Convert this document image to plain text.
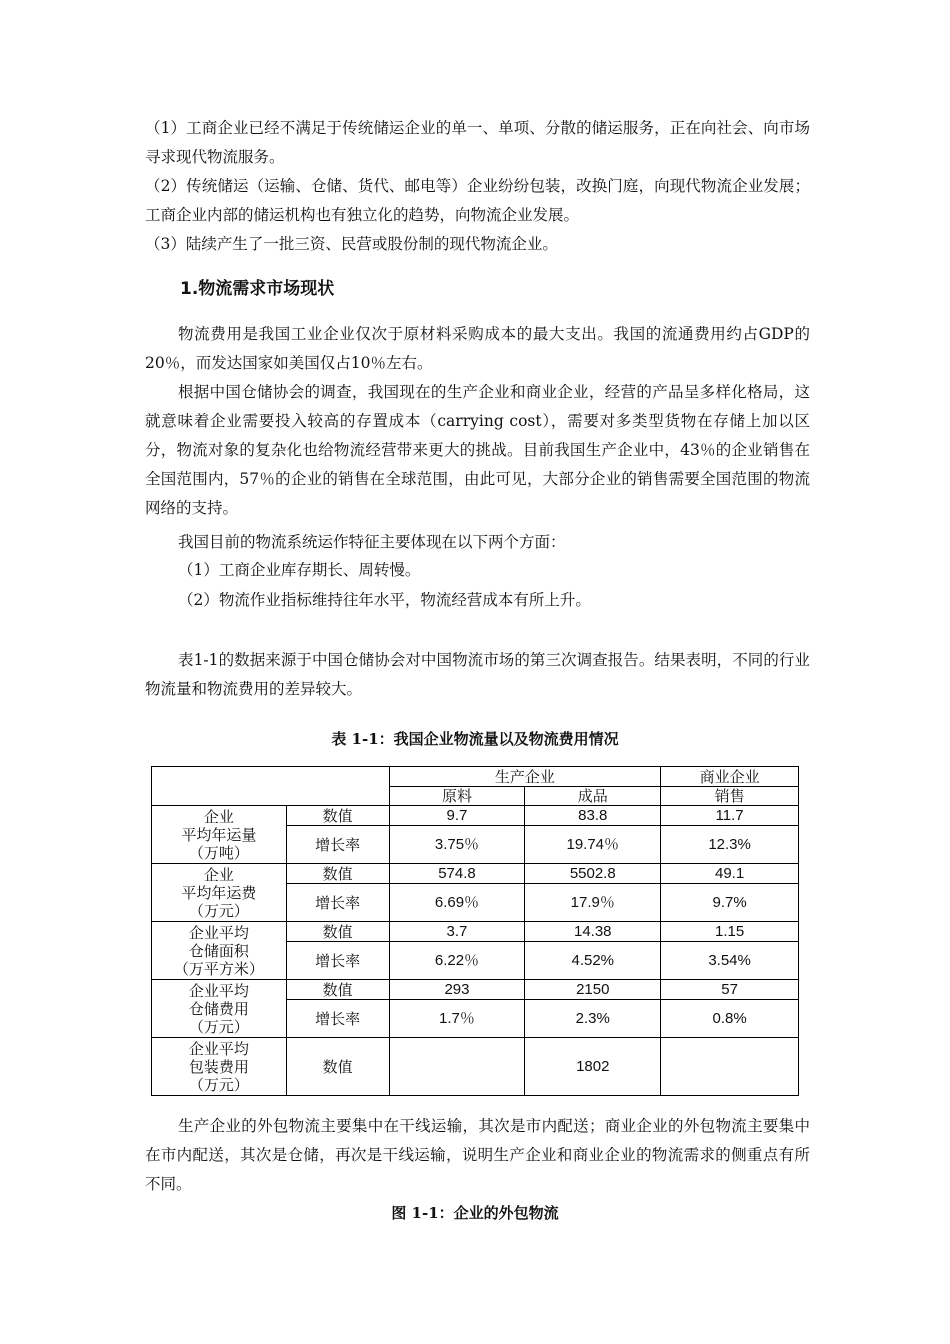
（1）工商企业已经不满足于传统储运企业的单一、单项、分散的储运服务，正在向社会、向市场寻求现代物流服务。

（2）传统储运（运输、仓储、货代、邮电等）企业纷纷包装，改换门庭，向现代物流企业发展；工商企业内部的储运机构也有独立化的趋势，向物流企业发展。

（3）陆续产生了一批三资、民营或股份制的现代物流企业。

1.物流需求市场现状

物流费用是我国工业企业仅次于原材料采购成本的最大支出。我国的流通费用约占GDP的20％，而发达国家如美国仅占10％左右。

根据中国仓储协会的调查，我国现在的生产企业和商业企业，经营的产品呈多样化格局，这就意味着企业需要投入较高的存置成本（carrying cost），需要对多类型货物在存储上加以区分，物流对象的复杂化也给物流经营带来更大的挑战。目前我国生产企业中，43％的企业销售在全国范围内，57％的企业的销售在全球范围，由此可见，大部分企业的销售需要全国范围的物流网络的支持。

我国目前的物流系统运作特征主要体现在以下两个方面：

（1）工商企业库存期长、周转慢。

（2）物流作业指标维持往年水平，物流经营成本有所上升。

表1-1的数据来源于中国仓储协会对中国物流市场的第三次调查报告。结果表明，不同的行业物流量和物流费用的差异较大。

表 1-1：我国企业物流量以及物流费用情况

		生产企业		商业企业
		原料	成品	销售
企业
平均年运量
（万吨）	数值	9.7	83.8	11.7
	增长率	3.75％	19.74％	12.3%
企业
平均年运费
（万元）	数值	574.8	5502.8	49.1
	增长率	6.69％	17.9％	9.7%
企业平均
仓储面积
（万平方米）	数值	3.7	14.38	1.15
	增长率	6.22％	4.52%	3.54%
企业平均
仓储费用
（万元）	数值	293	2150	57
	增长率	1.7％	2.3%	0.8%
企业平均
包装费用
（万元）	数值		1802	

生产企业的外包物流主要集中在干线运输，其次是市内配送；商业企业的外包物流主要集中在市内配送，其次是仓储，再次是干线运输，说明生产企业和商业企业的物流需求的侧重点有所不同。

图 1-1：企业的外包物流
